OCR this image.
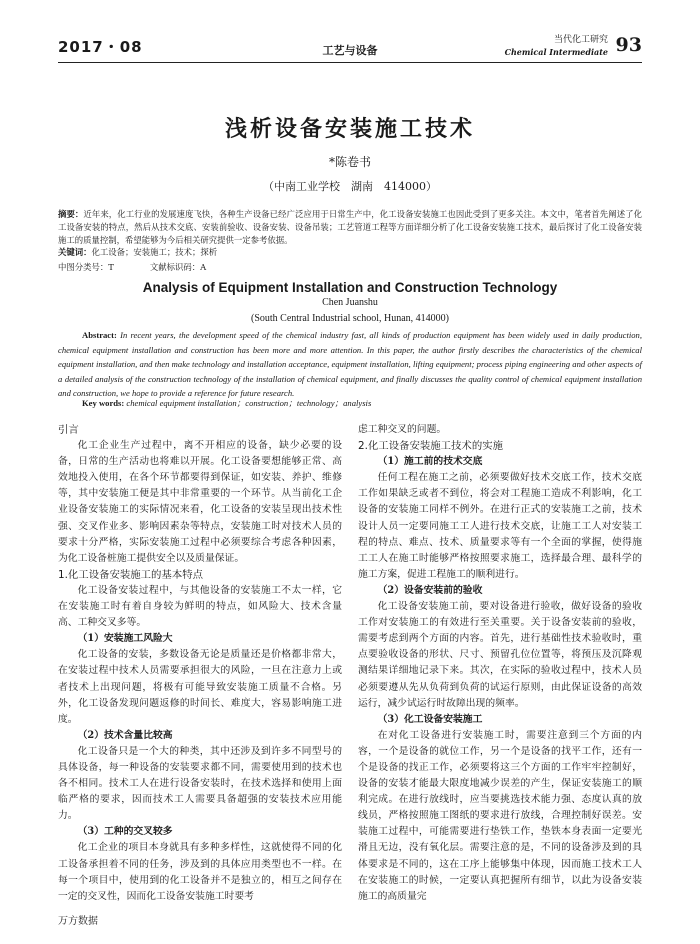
2017・08	工艺与设备
当代化工研究
Chemical Intermediate 93
浅析设备安装施工技术
*陈卷书
（中南工业学校　湖南　414000）
摘要：近年来，化工行业的发展速度飞快，各种生产设备已经广泛应用于日常生产中，化工设备安装施工也因此受到了更多关注。本文中，笔者首先阐述了化工设备安装的特点，然后从技术交底、安装前验收、设备安装、设备吊装；工艺管道工程等方面详细分析了化工设备安装施工技术，最后探讨了化工设备安装施工的质量控制，希望能够为今后相关研究提供一定参考依据。
关键词：化工设备；安装施工；技术；探析
中图分类号：T	文献标识码：A
Analysis of Equipment Installation and Construction Technology
Chen Juanshu
(South Central Industrial school, Hunan, 414000)
Abstract: In recent years, the development speed of the chemical industry fast, all kinds of production equipment has been widely used in daily production, chemical equipment installation and construction has been more and more attention. In this paper, the author firstly describes the characteristics of the chemical equipment installation, and then make technology and installation acceptance, equipment installation, lifting equipment; process piping engineering and other aspects of a detailed analysis of the construction technology of the installation of chemical equipment, and finally discusses the quality control of chemical equipment installation and construction, we hope to provide a reference for future research.
Key words: chemical equipment installation；construction；technology；analysis
引言

化工企业生产过程中，离不开相应的设备，缺少必要的设备，日常的生产活动也将难以开展。化工设备要想能够正常、高效地投入使用，在各个环节都要得到保证，如安装、养护、维修等，其中安装施工便是其中非常重要的一个环节。从当前化工企业设备安装施工的实际情况来看，化工设备的安装呈现出技术性强、交叉作业多、影响因素杂等特点，安装施工时对技术人员的要求十分严格，实际安装施工过程中必须要综合考虑各种因素，为化工设备桩施工提供安全以及质量保证。

1.化工设备安装施工的基本特点

化工设备安装过程中，与其他设备的安装施工不太一样，它在安装施工时有着自身较为鲜明的特点，如风险大、技术含量高、工种交叉多等。

（1）安装施工风险大

化工设备的安装，多数设备无论是质量还是价格都非常大，在安装过程中技术人员需要承担很大的风险，一旦在注意力上或者技术上出现问题，将极有可能导致安装施工质量不合格。另外，化工设备发现问题返修的时间长、难度大，容易影响施工进度。

（2）技术含量比较高

化工设备只是一个大的种类，其中还涉及到许多不同型号的具体设备，每一种设备的安装要求都不同，需要使用到的技术也各不相同。技术工人在进行设备安装时，在技术选择和使用上面临严格的要求，因而技术工人需要具备超强的安装技术应用能力。

（3）工种的交叉较多

化工企业的项目本身就具有多种多样性，这就使得不同的化工设备承担着不同的任务，涉及到的具体应用类型也不一样。在每一个项目中，使用到的化工设备并不是独立的，相互之间存在一定的交叉性，因而化工设备安装施工时要考

虑工种交叉的问题。

2.化工设备安装施工技术的实施
（1）施工前的技术交底

任何工程在施工之前，必须要做好技术交底工作，技术交底工作如果缺乏或者不到位，将会对工程施工造成不利影响，化工设备的安装施工同样不例外。在进行正式的安装施工之前，技术设计人员一定要同施工工人进行技术交底，让施工工人对安装工程的特点、难点、技术、质量要求等有一个全面的掌握，使得施工工人在施工时能够严格按照要求施工，选择最合理、最科学的施工方案，促进工程施工的顺利进行。

（2）设备安装前的验收

化工设备安装施工前，要对设备进行验收，做好设备的验收工作对安装施工的有效进行至关重要。关于设备安装前的验收，需要考虑到两个方面的内容。首先，进行基础性技术验收时，重点要验收设备的形状、尺寸、预留孔位位置等，将预压及沉降观测结果详细地记录下来。其次，在实际的验收过程中，技术人员必须要遵从先从负荷到负荷的试运行原则，由此保证设备的高效运行，减少试运行时故障出现的频率。

（3）化工设备安装施工

在对化工设备进行安装施工时，需要注意到三个方面的内容，一个是设备的就位工作，另一个是设备的找平工作，还有一个是设备的找正工作，必须要将这三个方面的工作牢牢控制好，设备的安装才能最大限度地减少误差的产生，保证安装施工的顺利完成。在进行放线时，应当要挑选技术能力强、态度认真的放线员，严格按照施工图纸的要求进行放线，合理控制好误差。安装施工过程中，可能需要进行垫铁工作，垫铁本身表面一定要光滑且无边，没有氧化层。需要注意的是，不同的设备涉及到的具体要求是不同的，这在工序上能够集中体现，因而施工技术工人在安装施工的时候，一定要认真把握所有细节，以此为设备安装施工的高质量完

万方数据
